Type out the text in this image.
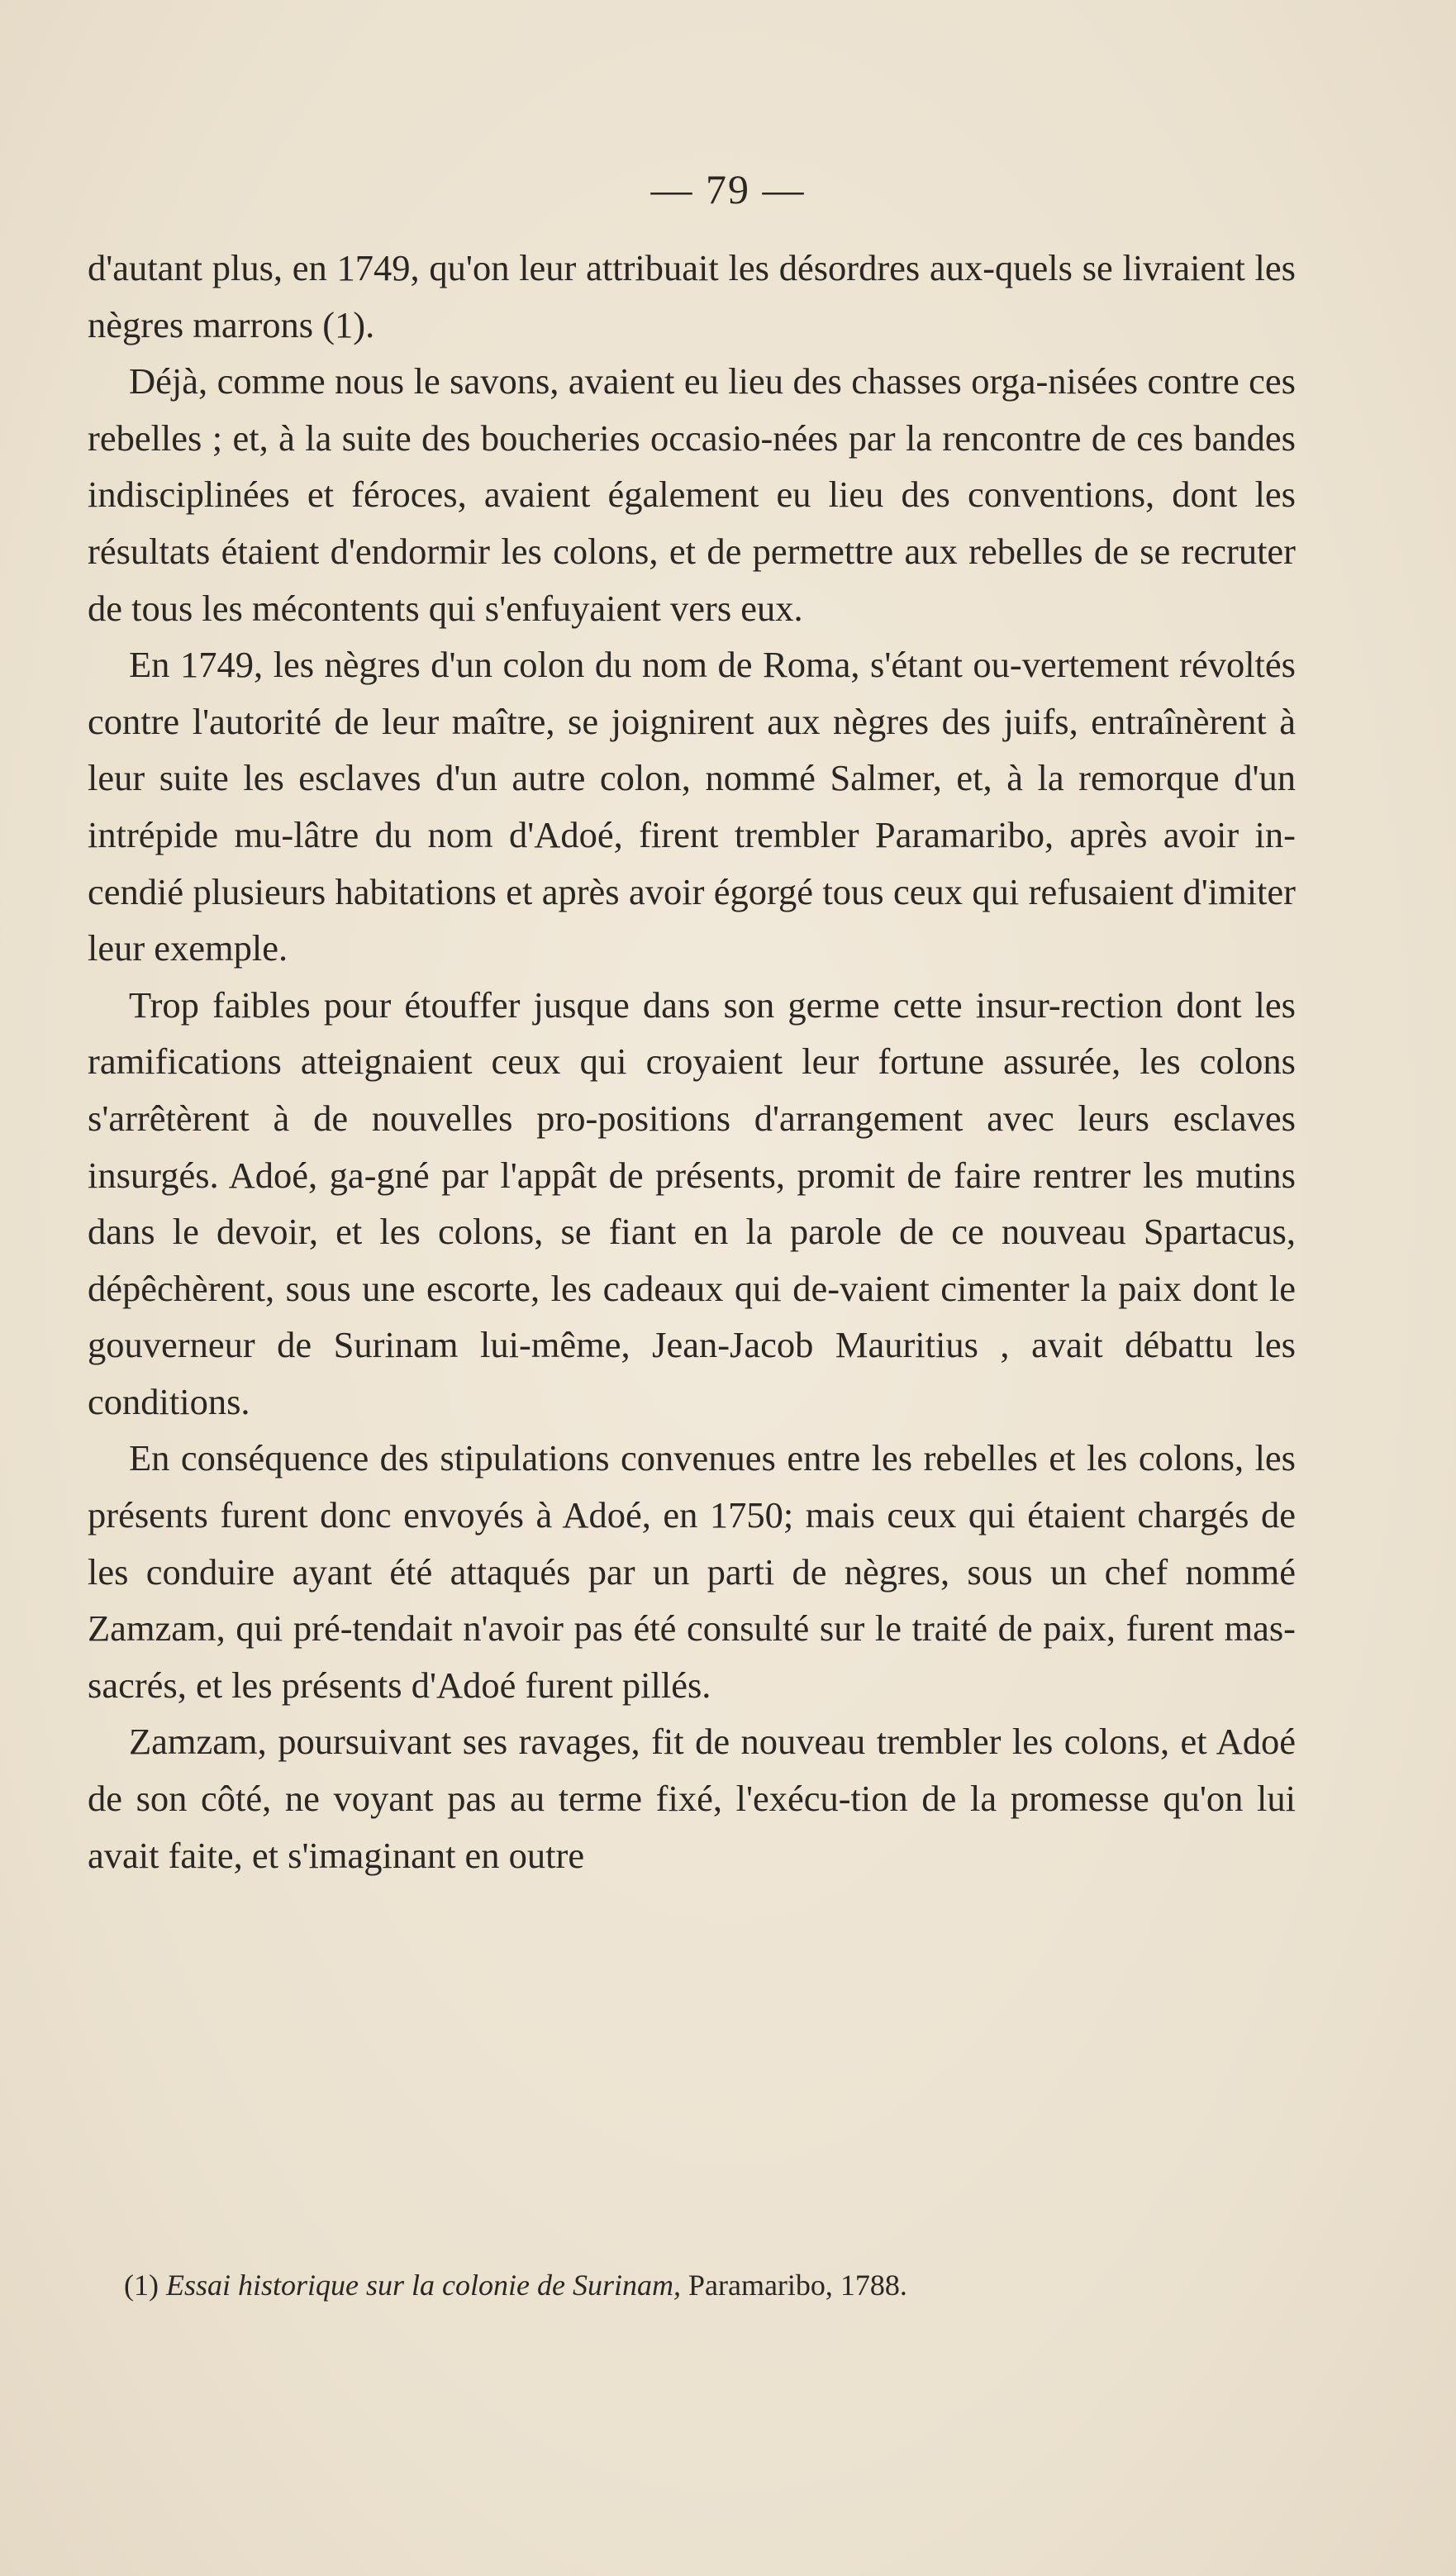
— 79 —

d'autant plus, en 1749, qu'on leur attribuait les désordres aux-quels se livraient les nègres marrons (1).

Déjà, comme nous le savons, avaient eu lieu des chasses orga-nisées contre ces rebelles ; et, à la suite des boucheries occasio-nées par la rencontre de ces bandes indisciplinées et féroces, avaient également eu lieu des conventions, dont les résultats étaient d'endormir les colons, et de permettre aux rebelles de se recruter de tous les mécontents qui s'enfuyaient vers eux.

En 1749, les nègres d'un colon du nom de Roma, s'étant ou-vertement révoltés contre l'autorité de leur maître, se joignirent aux nègres des juifs, entraînèrent à leur suite les esclaves d'un autre colon, nommé Salmer, et, à la remorque d'un intrépide mu-lâtre du nom d'Adoé, firent trembler Paramaribo, après avoir in-cendié plusieurs habitations et après avoir égorgé tous ceux qui refusaient d'imiter leur exemple.

Trop faibles pour étouffer jusque dans son germe cette insur-rection dont les ramifications atteignaient ceux qui croyaient leur fortune assurée, les colons s'arrêtèrent à de nouvelles pro-positions d'arrangement avec leurs esclaves insurgés. Adoé, ga-gné par l'appât de présents, promit de faire rentrer les mutins dans le devoir, et les colons, se fiant en la parole de ce nouveau Spartacus, dépêchèrent, sous une escorte, les cadeaux qui de-vaient cimenter la paix dont le gouverneur de Surinam lui-même, Jean-Jacob Mauritius , avait débattu les conditions.

En conséquence des stipulations convenues entre les rebelles et les colons, les présents furent donc envoyés à Adoé, en 1750; mais ceux qui étaient chargés de les conduire ayant été attaqués par un parti de nègres, sous un chef nommé Zamzam, qui pré-tendait n'avoir pas été consulté sur le traité de paix, furent mas-sacrés, et les présents d'Adoé furent pillés.

Zamzam, poursuivant ses ravages, fit de nouveau trembler les colons, et Adoé de son côté, ne voyant pas au terme fixé, l'exécu-tion de la promesse qu'on lui avait faite, et s'imaginant en outre

(1) Essai historique sur la colonie de Surinam, Paramaribo, 1788.
